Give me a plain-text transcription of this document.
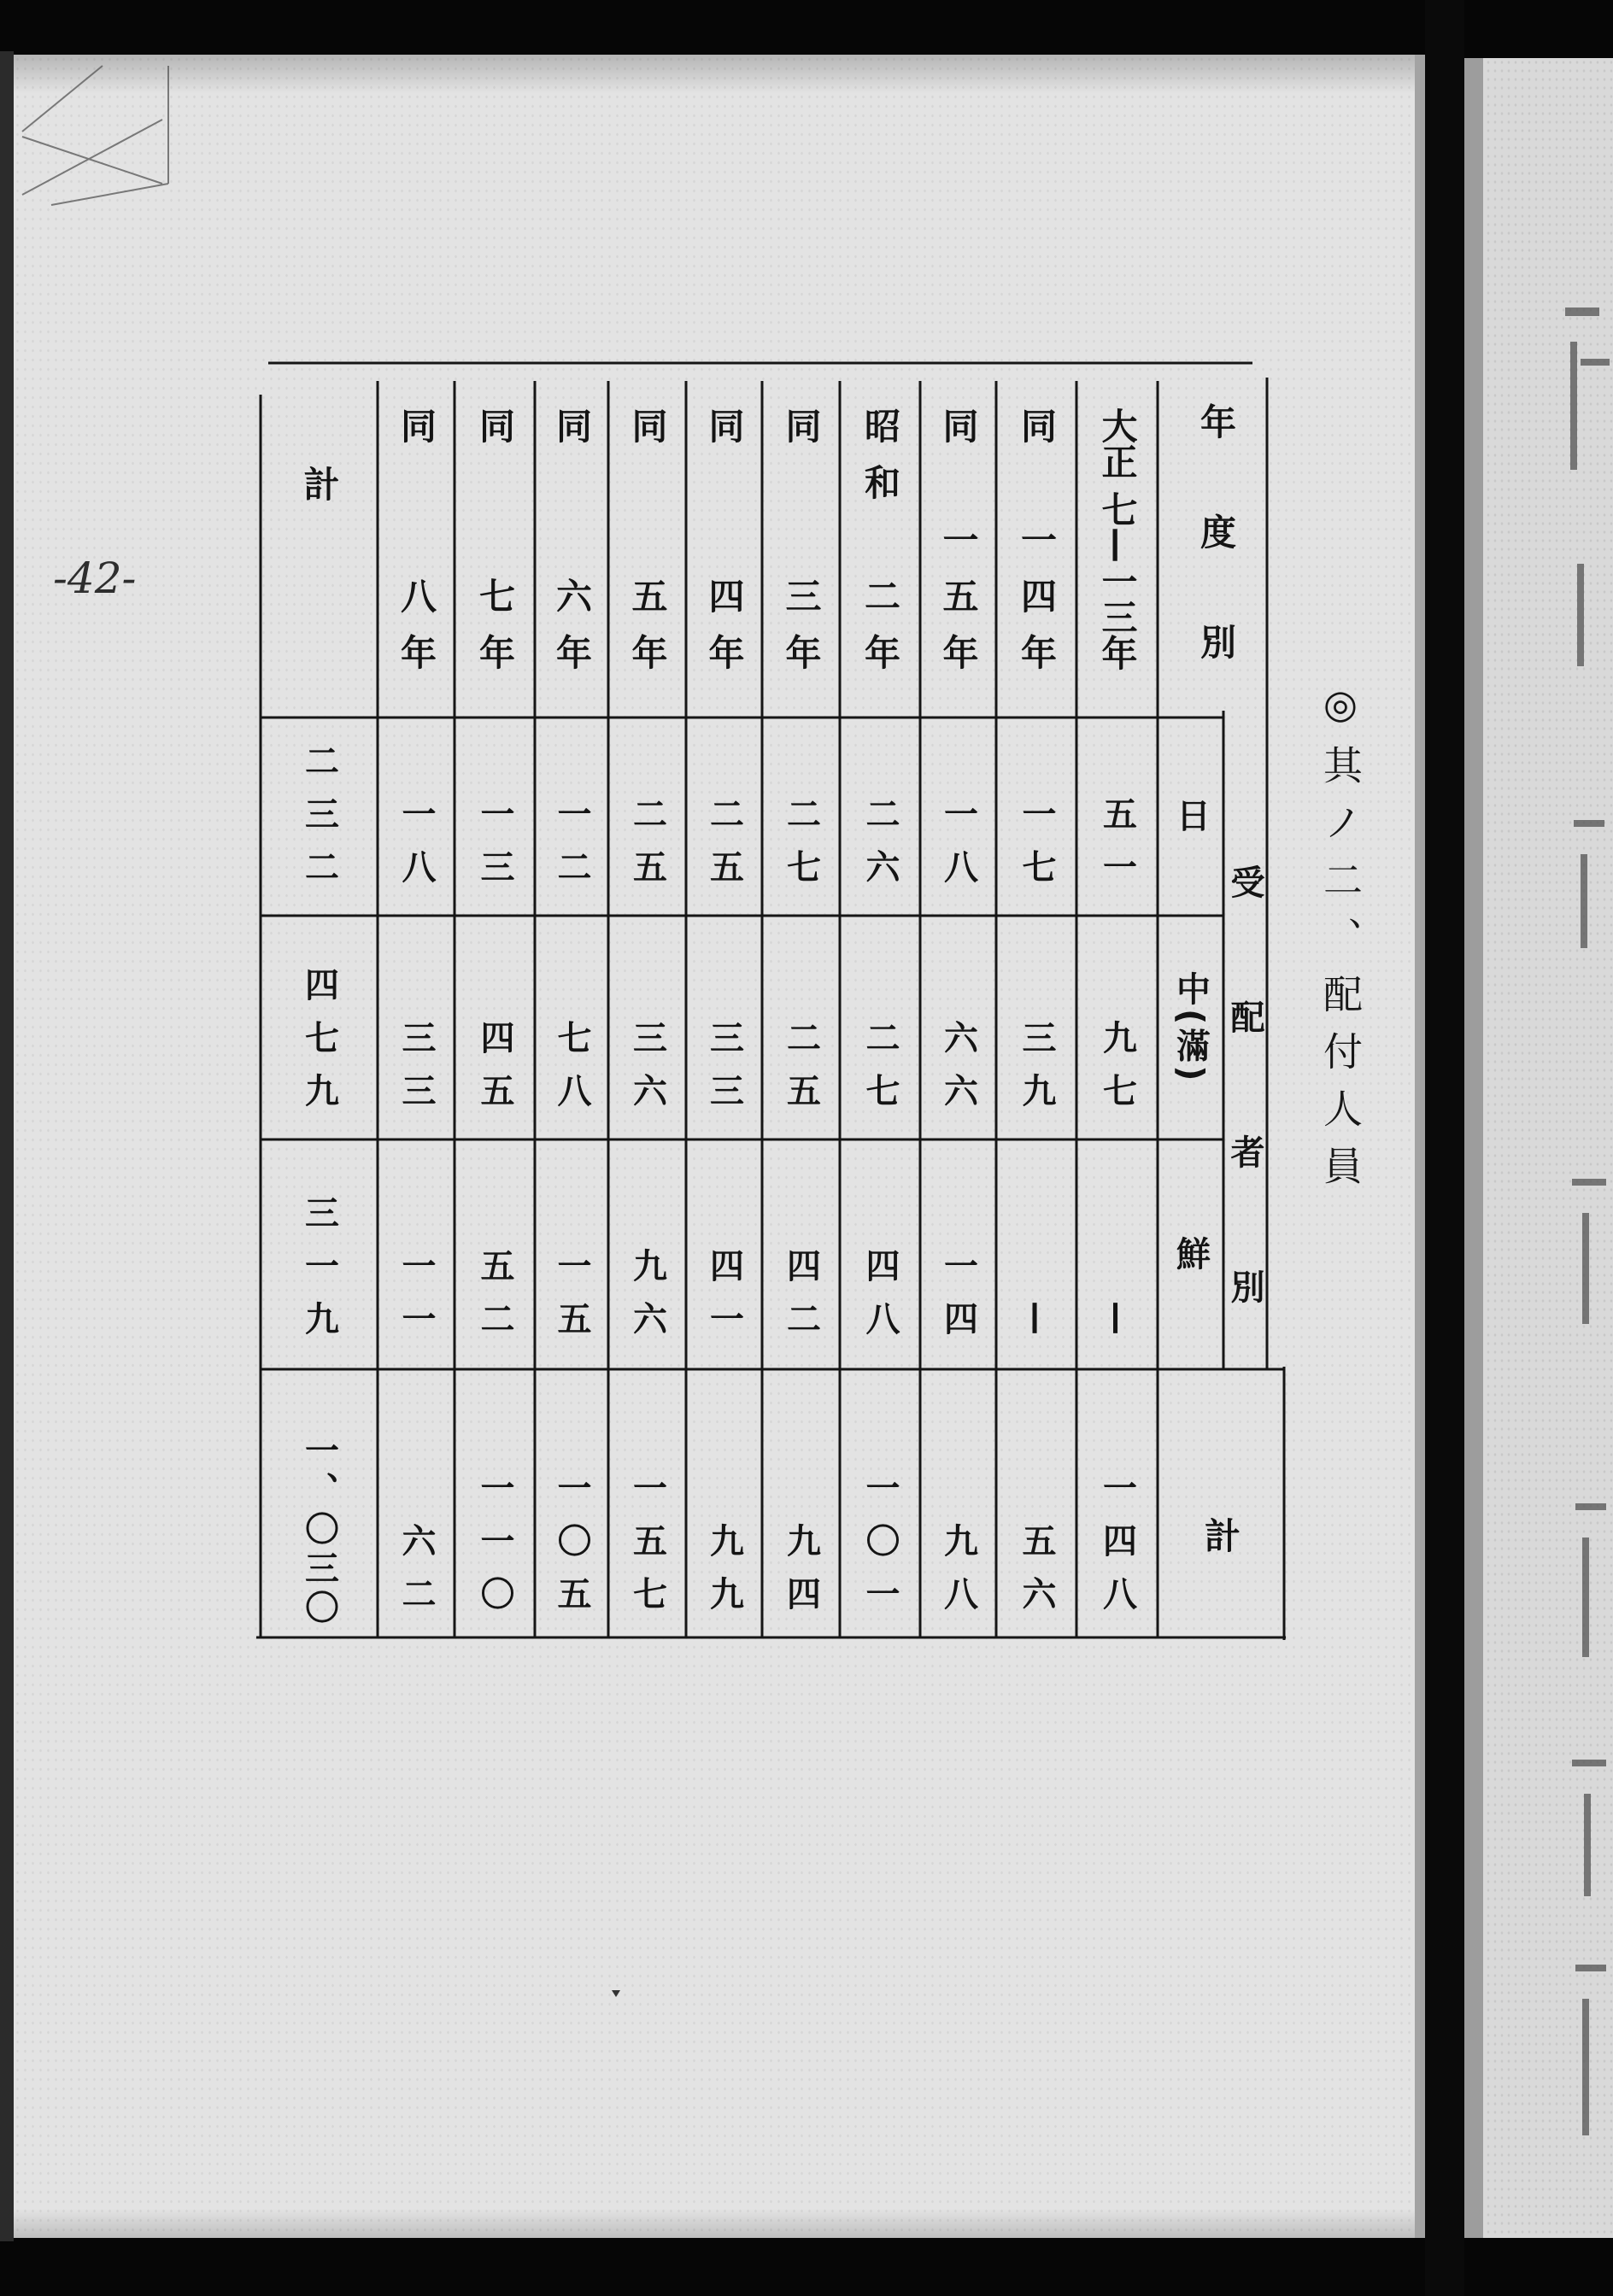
-42-
◎其ノ二、配付人員
年度別
受配者別
計
日
中(滿)
鮮
大正
七—一三年
五一
九七
—
一四八
同
一四年
一七
三九
—
五六
同
一五年
一八
六六
一四
九八
昭和
二年
二六
二七
四八
一〇一
同
三年
二七
二五
四二
九四
同
四年
二五
三三
四一
九九
同
五年
二五
三六
九六
一五七
同
六年
一二
七八
一五
一〇五
同
七年
一三
四五
五二
一一〇
同
八年
一八
三三
一一
六二
計
二三二
四七九
三一九
一、〇三〇
